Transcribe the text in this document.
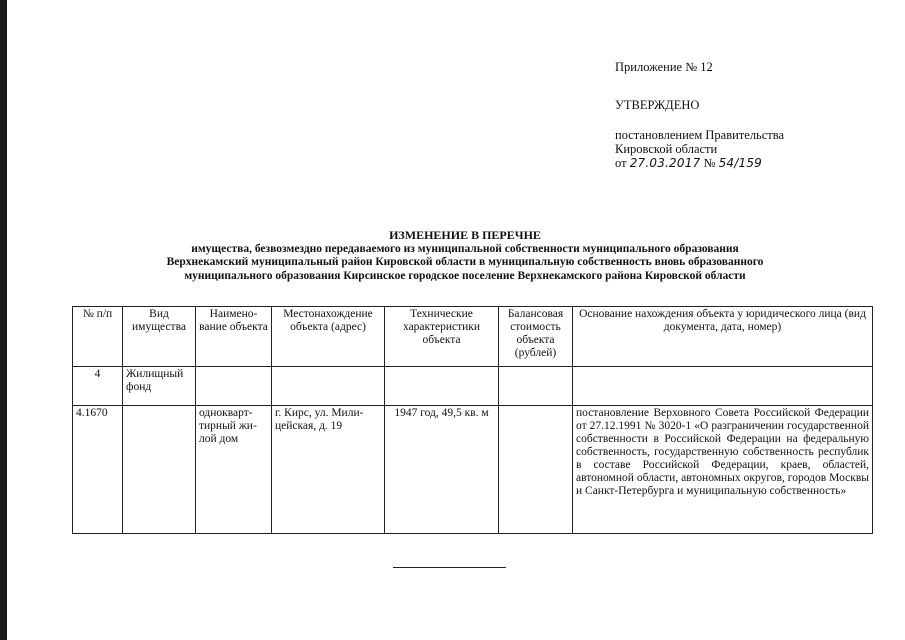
Приложение № 12
УТВЕРЖДЕНО
постановлением Правительства
Кировской области
от 27.03.2017 № 54/159
ИЗМЕНЕНИЕ В ПЕРЕЧНЕ
имущества, безвозмездно передаваемого из муниципальной собственности муниципального образования
Верхнекамский муниципальный район Кировской области в муниципальную собственность вновь образованного
муниципального образования Кирсинское городское поселение Верхнекамского района Кировской области
№ п/п	Вид имущества	Наимено-вание объекта	Местонахождение объекта (адрес)	Технические характеристики объекта	Балансовая стоимость объекта (рублей)	Основание нахождения объекта у юридического лица (вид документа, дата, номер)
4	Жилищный фонд					
4.1670		однокварт-тирный жи-лой дом	г. Кирс, ул. Мили-цейская, д. 19	1947 год, 49,5 кв. м		постановление Верховного Совета Российской Федерации от 27.12.1991 № 3020-1 «О разграничении государственной собственности в Российской Федерации на федеральную собственность, государственную собственность республик в составе Российской Федерации, краев, областей, автономной области, автономных округов, городов Москвы и Санкт-Петербурга и муниципальную собственность»
